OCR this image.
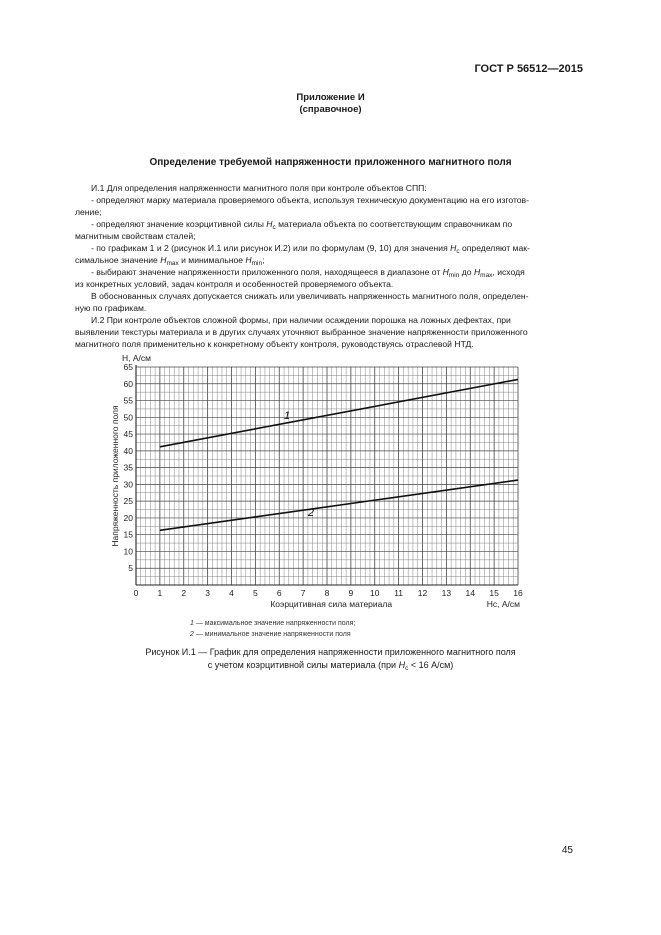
ГОСТ Р 56512—2015
Приложение И
(справочное)
Определение требуемой напряженности приложенного магнитного поля
И.1 Для определения напряженности магнитного поля при контроле объектов СПП:
- определяют марку материала проверяемого объекта, используя техническую документацию на его изготов-
ление;
- определяют значение коэрцитивной силы $H_c$ материала объекта по соответствующим справочникам по
магнитным свойствам сталей;
- по графикам 1 и 2 (рисунок И.1 или рисунок И.2) или по формулам (9, 10) для значения $H_c$ определяют мак-
симальное значение $H_{max}$ и минимальное $H_{min}$;
- выбирают значение напряженности приложенного поля, находящееся в диапазоне от $H_{min}$ до $H_{max}$, исходя
из конкретных условий, задач контроля и особенностей проверяемого объекта.
В обоснованных случаях допускается снижать или увеличивать напряженность магнитного поля, определен-
ную по графикам.
И.2 При контроле объектов сложной формы, при наличии осаждении порошка на ложных дефектах, при
выявлении текстуры материала и в других случаях уточняют выбранное значение напряженности приложенного
магнитного поля применительно к конкретному объекту контроля, руководствуясь отраслевой НТД.
0 1 2 3 4 5 6 7 8 9 10 11 12 13 14 15 16
5
10
15
20
25
30
35
40
45
50
55
60
65
H, А/см
Напряженность приложенного поля
Коэрцитивная сила материала	Hc, А/см
1
2
1 — максимальное значение напряженности поля;
2 — минимальное значение напряженности поля
Рисунок И.1 — График для определения напряженности приложенного магнитного поля
с учетом коэрцитивной силы материала (при $H_c < 16$ А/см)
45
